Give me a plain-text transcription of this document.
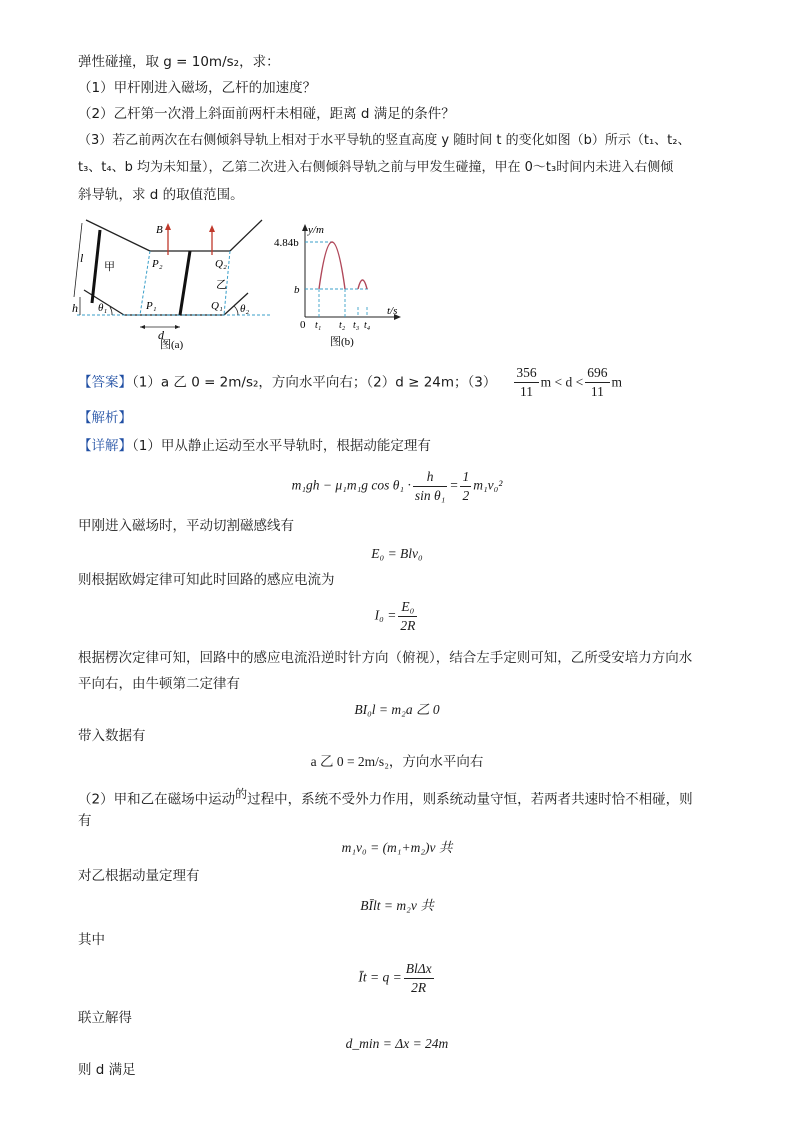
弹性碰撞，取 g = 10m/s₂，求：
（1）甲杆刚进入磁场，乙杆的加速度？
（2）乙杆第一次滑上斜面前两杆未相碰，距离 d 满足的条件？
（3）若乙前两次在右侧倾斜导轨上相对于水平导轨的竖直高度 y 随时间 t 的变化如图（b）所示（t₁、t₂、
t₃、t₄、b 均为未知量），乙第二次进入右侧倾斜导轨之前与甲发生碰撞，甲在 0～t₃时间内未进入右侧倾
斜导轨，求 d 的取值范围。
l
甲
h θ₁
B
P₂
P₁
Q₂
Q₁
乙
θ₂
d
图(a)
y/m
t/s
4.84b
b
0 t₁ t₂ t₃ t₄
图(b)
【答案】（1）a 乙 0 = 2m/s₂，方向水平向右；（2）d ≥ 24m；$(3) \frac{356}{11}$ $m < d < \frac{696}{11}$ m
【解析】
【详解】（1）甲从静止运动至水平导轨时，根据动能定理有
m₁gh − μ₁m₁g $\cos \theta_1 \cdot \frac{h}{\text{sin θ₁}} = \frac{1}{2} m_1v_0^2$
甲刚进入磁场时，平动切割磁感线有
E₀ = Blv₀
则根据欧姆定律可知此时回路的感应电流为
$I_0 = \frac{\text{E₀}}{2R}$
根据楞次定律可知，回路中的感应电流沿逆时针方向（俯视），结合左手定则可知，乙所受安培力方向水
平向右，由牛顿第二定律有
BI₀l = m₂a 乙 0
带入数据有
a 乙 0 = 2m/s₂，方向水平向右
（2）甲和乙在磁场中运动$^的$过程中，系统不受外力作用，则系统动量守恒，若两者共速时恰不相碰，则
有
m₁v₀ = (m₁+m₂)v 共
对乙根据动量定理有
BĪlt = m₂v 共
其中
Īt = $q = \frac{\text{BlΔx}}{2R}$
联立解得
d_min = Δx = 24m
则 d 满足
